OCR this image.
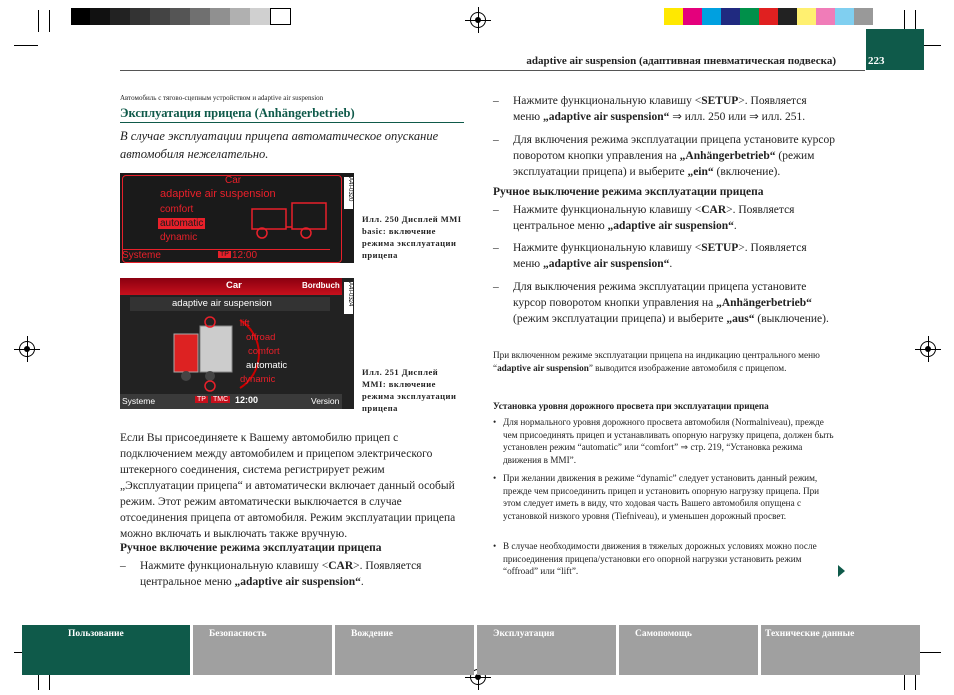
adaptive air suspension (адаптивная пневматическая подвеска)	223
Автомобиль с тягово-сцепным устройством и adaptive air suspension
Эксплуатация прицепа (Anhängerbetrieb)
В случае эксплуатации прицепа автоматическое опускание автомобиля нежелательно.
Car
adaptive air suspension
comfort
automatic
dynamic
Systeme	TP 12:00
A4I-0320
Илл. 250 Дисплей MMI basic: включение режима эксплуатации прицепа
Car	Bordbuch
adaptive air suspension
lift
offroad
comfort
automatic
dynamic
Systeme	TP TMC 12:00	Version
A4I-0324
Илл. 251 Дисплей MMI: включение режима эксплуатации прицепа
Если Вы присоединяете к Вашему автомобилю прицеп с подключением между автомобилем и прицепом электрического штекерного соединения, система регистрирует режим „Эксплуатации прицепа“ и автоматически включает данный особый режим. Этот режим автоматически выключается в случае отсоединения прицепа от автомобиля. Режим эксплуатации прицепа можно включать и выключать также вручную.
Ручное включение режима эксплуатации прицепа
– Нажмите функциональную клавишу <CAR>. Появляется центральное меню „adaptive air suspension“.
– Нажмите функциональную клавишу <SETUP>. Появляется меню „adaptive air suspension“ ⇒ илл. 250 или ⇒ илл. 251.
– Для включения режима эксплуатации прицепа установите курсор поворотом кнопки управления на „Anhängerbetrieb“ (режим эксплуатации прицепа) и выберите „ein“ (включение).
Ручное выключение режима эксплуатации прицепа
– Нажмите функциональную клавишу <CAR>. Появляется центральное меню „adaptive air suspension“.
– Нажмите функциональную клавишу <SETUP>. Появляется меню „adaptive air suspension“.
– Для выключения режима эксплуатации прицепа установите курсор поворотом кнопки управления на „Anhängerbetrieb“ (режим эксплуатации прицепа) и выберите „aus“ (выключение).
При включенном режиме эксплуатации прицепа на индикацию центрального меню “adaptive air suspension” выводится изображение автомобиля с прицепом.
Установка уровня дорожного просвета при эксплуатации прицепа
• Для нормального уровня дорожного просвета автомобиля (Normalniveau), прежде чем присоединять прицеп и устанавливать опорную нагрузку прицепа, должен быть установлен режим “automatic” или “comfort” ⇒ стр. 219, “Установка режима движения в MMI”.
• При желании движения в режиме “dynamic” следует установить данный режим, прежде чем присоединить прицеп и установить опорную нагрузку прицепа. При этом следует иметь в виду, что ходовая часть Вашего автомобиля опущена с установкой низкого уровня (Tiefniveau), и уменьшен дорожный просвет.
• В случае необходимости движения в тяжелых дорожных условиях можно после присоединения прицепа/установки его опорной нагрузки установить режим “offroad” или “lift”.
Пользование	Безопасность	Вождение	Эксплуатация	Самопомощь	Технические данные
